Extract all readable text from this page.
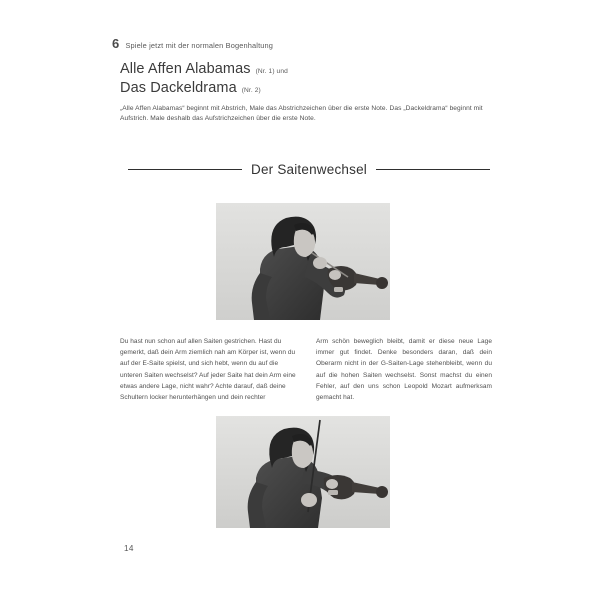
6 Spiele jetzt mit der normalen Bogenhaltung
Alle Affen Alabamas (Nr. 1) und
Das Dackeldrama (Nr. 2)

„Alle Affen Alabamas“ beginnt mit Abstrich, Male das Abstrichzeichen über die erste Note. Das „Dackeldrama“ beginnt mit Aufstrich. Male deshalb das Aufstrichzeichen über die erste Note.

Der Saitenwechsel
Du hast nun schon auf allen Saiten gestrichen. Hast du gemerkt, daß dein Arm ziemlich nah am Körper ist, wenn du auf der E-Saite spielst, und sich hebt, wenn du auf die unteren Saiten wechselst? Auf jeder Saite hat dein Arm eine etwas andere Lage, nicht wahr? Achte darauf, daß deine Schultern locker herunterhängen und dein rechter
Arm schön beweglich bleibt, damit er diese neue Lage immer gut findet. Denke besonders daran, daß dein Oberarm nicht in der G-Saiten-Lage stehenbleibt, wenn du auf die hohen Saiten wechselst. Sonst machst du einen Fehler, auf den uns schon Leopold Mozart aufmerksam gemacht hat.
14
